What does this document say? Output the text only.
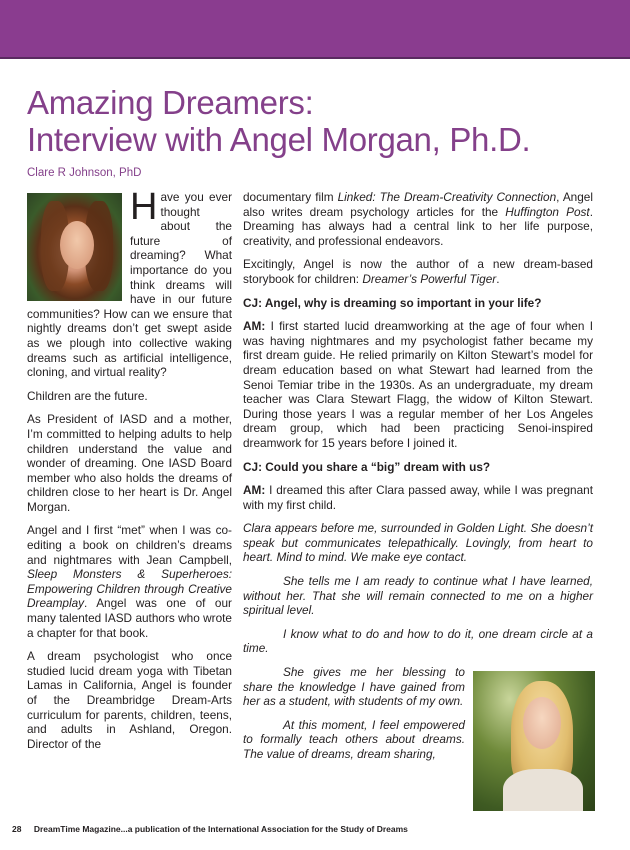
Amazing Dreamers:
Interview with Angel Morgan, Ph.D.
Clare R Johnson, PhD

Have you ever thought about the future of dreaming? What importance do you think dreams will have in our future communities? How can we ensure that nightly dreams don’t get swept aside as we plough into collective waking dreams such as artificial intelligence, cloning, and virtual reality?

Children are the future.

As President of IASD and a mother, I’m committed to helping adults to help children understand the value and wonder of dreaming. One IASD Board member who also holds the dreams of children close to her heart is Dr. Angel Morgan.

Angel and I first “met” when I was co-editing a book on children’s dreams and nightmares with Jean Campbell, Sleep Monsters & Superheroes: Empowering Children through Creative Dreamplay. Angel was one of our many talented IASD authors who wrote a chapter for that book.

A dream psychologist who once studied lucid dream yoga with Tibetan Lamas in California, Angel is founder of the Dreambridge Dream-Arts curriculum for parents, children, teens, and adults in Ashland, Oregon. Director of the

documentary film Linked: The Dream-Creativity Connection, Angel also writes dream psychology articles for the Huffington Post. Dreaming has always had a central link to her life purpose, creativity, and professional endeavors.

Excitingly, Angel is now the author of a new dream-based storybook for children: Dreamer’s Powerful Tiger.

CJ: Angel, why is dreaming so important in your life?

AM: I first started lucid dreamworking at the age of four when I was having nightmares and my psychologist father became my first dream guide. He relied primarily on Kilton Stewart’s model for dream education based on what Stewart had learned from the Senoi Temiar tribe in the 1930s. As an undergraduate, my dream teacher was Clara Stewart Flagg, the widow of Kilton Stewart. During those years I was a regular member of her Los Angeles dream group, which had been practicing Senoi-inspired dreamwork for 15 years before I joined it.

CJ: Could you share a “big” dream with us?

AM: I dreamed this after Clara passed away, while I was pregnant with my first child.

Clara appears before me, surrounded in Golden Light. She doesn’t speak but communicates telepathically. Lovingly, from heart to heart. Mind to mind. We make eye contact.

She tells me I am ready to continue what I have learned, without her. That she will remain connected to me on a higher spiritual level.

I know what to do and how to do it, one dream circle at a time.

She gives me her blessing to share the knowledge I have gained from her as a student, with students of my own.

At this moment, I feel empowered to formally teach others about dreams. The value of dreams, dream sharing,

28 DreamTime Magazine...a publication of the International Association for the Study of Dreams
